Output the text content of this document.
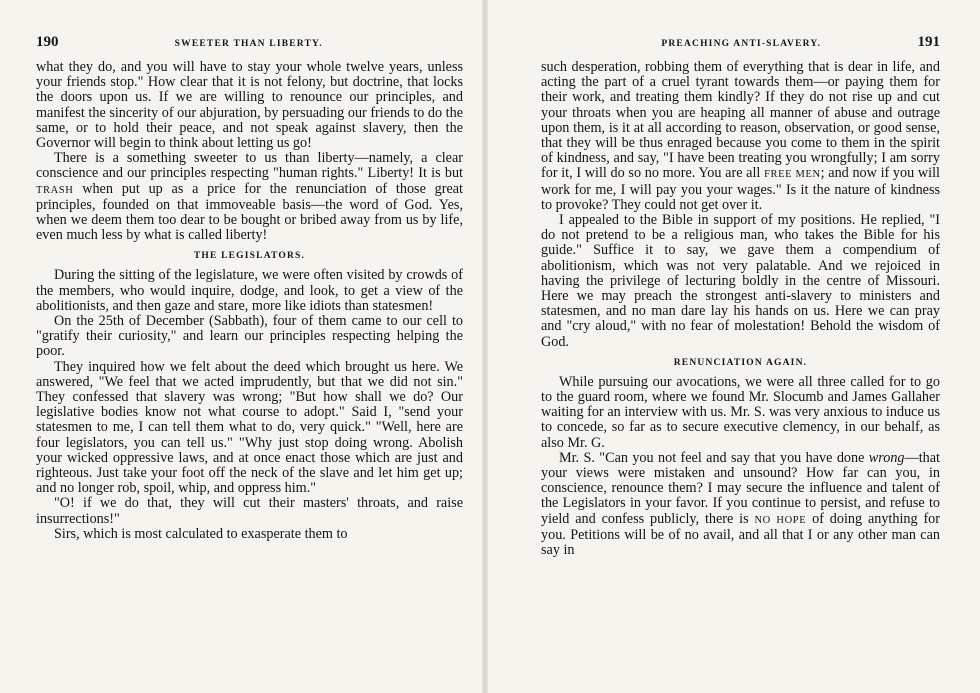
190	SWEETER THAN LIBERTY.

what they do, and you will have to stay your whole twelve years, unless your friends stop." How clear that it is not felony, but doctrine, that locks the doors upon us. If we are willing to renounce our principles, and manifest the sincerity of our abjuration, by persuading our friends to do the same, or to hold their peace, and not speak against slavery, then the Governor will begin to think about letting us go!

There is a something sweeter to us than liberty—namely, a clear conscience and our principles respecting "human rights." Liberty! It is but TRASH when put up as a price for the renunciation of those great principles, founded on that immoveable basis—the word of God. Yes, when we deem them too dear to be bought or bribed away from us by life, even much less by what is called liberty!

THE LEGISLATORS.

During the sitting of the legislature, we were often visited by crowds of the members, who would inquire, dodge, and look, to get a view of the abolitionists, and then gaze and stare, more like idiots than statesmen!

On the 25th of December (Sabbath), four of them came to our cell to "gratify their curiosity," and learn our principles respecting helping the poor.

They inquired how we felt about the deed which brought us here. We answered, "We feel that we acted imprudently, but that we did not sin." They confessed that slavery was wrong; "But how shall we do? Our legislative bodies know not what course to adopt." Said I, "send your statesmen to me, I can tell them what to do, very quick." "Well, here are four legislators, you can tell us." "Why just stop doing wrong. Abolish your wicked oppressive laws, and at once enact those which are just and righteous. Just take your foot off the neck of the slave and let him get up; and no longer rob, spoil, whip, and oppress him."

"O! if we do that, they will cut their masters' throats, and raise insurrections!"

Sirs, which is most calculated to exasperate them to

PREACHING ANTI-SLAVERY.	191

such desperation, robbing them of everything that is dear in life, and acting the part of a cruel tyrant towards them—or paying them for their work, and treating them kindly? If they do not rise up and cut your throats when you are heaping all manner of abuse and outrage upon them, is it at all according to reason, observation, or good sense, that they will be thus enraged because you come to them in the spirit of kindness, and say, "I have been treating you wrongfully; I am sorry for it, I will do so no more. You are all FREE MEN; and now if you will work for me, I will pay you your wages." Is it the nature of kindness to provoke? They could not get over it.

I appealed to the Bible in support of my positions. He replied, "I do not pretend to be a religious man, who takes the Bible for his guide." Suffice it to say, we gave them a compendium of abolitionism, which was not very palatable. And we rejoiced in having the privilege of lecturing boldly in the centre of Missouri. Here we may preach the strongest anti-slavery to ministers and statesmen, and no man dare lay his hands on us. Here we can pray and "cry aloud," with no fear of molestation! Behold the wisdom of God.

RENUNCIATION AGAIN.

While pursuing our avocations, we were all three called for to go to the guard room, where we found Mr. Slocumb and James Gallaher waiting for an interview with us. Mr. S. was very anxious to induce us to concede, so far as to secure executive clemency, in our behalf, as also Mr. G.

Mr. S. "Can you not feel and say that you have done wrong—that your views were mistaken and unsound? How far can you, in conscience, renounce them? I may secure the influence and talent of the Legislators in your favor. If you continue to persist, and refuse to yield and confess publicly, there is NO HOPE of doing anything for you. Petitions will be of no avail, and all that I or any other man can say in
